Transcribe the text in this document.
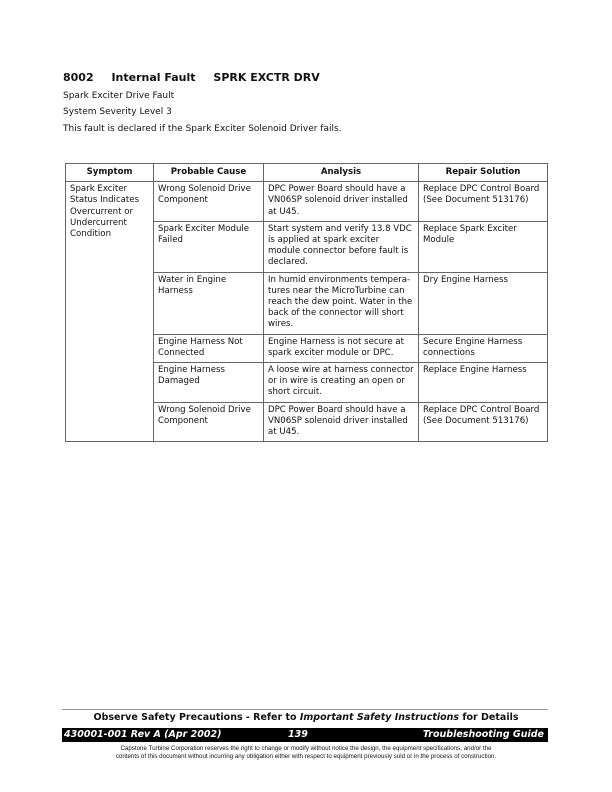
8002 Internal Fault SPRK EXCTR DRV
Spark Exciter Drive Fault
System Severity Level 3
This fault is declared if the Spark Exciter Solenoid Driver fails.
Symptom	Probable Cause	Analysis	Repair Solution
Spark Exciter Status Indicates Overcurrent or Undercurrent Condition	Wrong Solenoid Drive Component	DPC Power Board should have a VN06SP solenoid driver installed at U45.	Replace DPC Control Board (See Document 513176)
	Spark Exciter Module Failed	Start system and verify 13.8 VDC is applied at spark exciter module connector before fault is declared.	Replace Spark Exciter Module
	Water in Engine Harness	In humid environments tempera-tures near the MicroTurbine can reach the dew point. Water in the back of the connector will short wires.	Dry Engine Harness
	Engine Harness Not Connected	Engine Harness is not secure at spark exciter module or DPC.	Secure Engine Harness connections
	Engine Harness Damaged	A loose wire at harness connector or in wire is creating an open or short circuit.	Replace Engine Harness
	Wrong Solenoid Drive Component	DPC Power Board should have a VN06SP solenoid driver installed at U45.	Replace DPC Control Board (See Document 513176)
Observe Safety Precautions - Refer to Important Safety Instructions for Details
430001-001 Rev A (Apr 2002)	139	Troubleshooting Guide
Capstone Turbine Corporation reserves the right to change or modify without notice the design, the equipment specifications, and/or the
contents of this document without incurring any obligation either with respect to equipment previously sold or in the process of construction.
